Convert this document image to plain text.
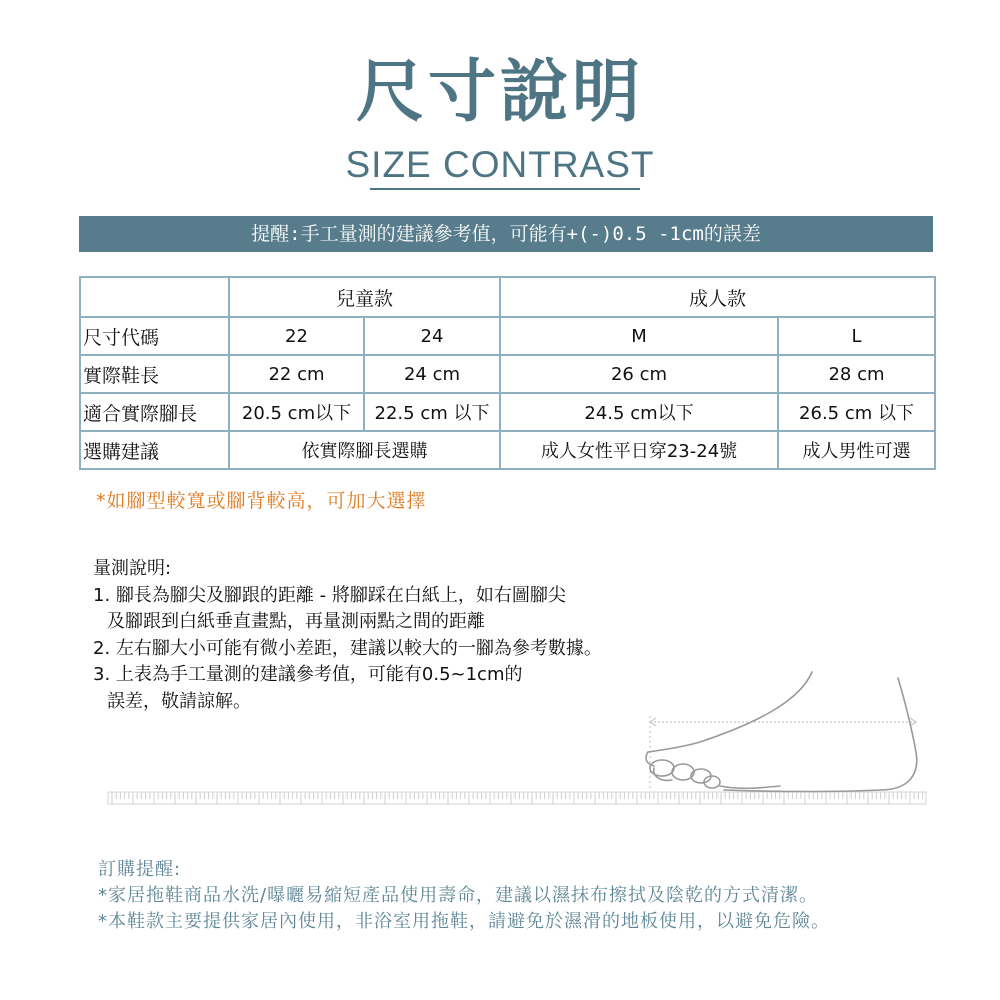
尺寸說明
SIZE CONTRAST
提醒:手工量測的建議參考值，可能有+(-)0.5 -1cm的誤差
	兒童款		成人款	
尺寸代碼	22	24	M	L
實際鞋長	22 cm	24 cm	26 cm	28 cm
適合實際腳長	20.5 cm以下	22.5 cm 以下	24.5 cm以下	26.5 cm 以下
選購建議	依實際腳長選購		成人女性平日穿23-24號	成人男性可選
*如腳型較寬或腳背較高，可加大選擇
量測說明:
1. 腳長為腳尖及腳跟的距離 - 將腳踩在白紙上，如右圖腳尖
及腳跟到白紙垂直畫點，再量測兩點之間的距離
2. 左右腳大小可能有微小差距，建議以較大的一腳為參考數據。
3. 上表為手工量測的建議參考值，可能有0.5~1cm的
誤差，敬請諒解。
訂購提醒:
*家居拖鞋商品水洗/曝曬易縮短產品使用壽命，建議以濕抹布擦拭及陰乾的方式清潔。
*本鞋款主要提供家居內使用，非浴室用拖鞋，請避免於濕滑的地板使用，以避免危險。
